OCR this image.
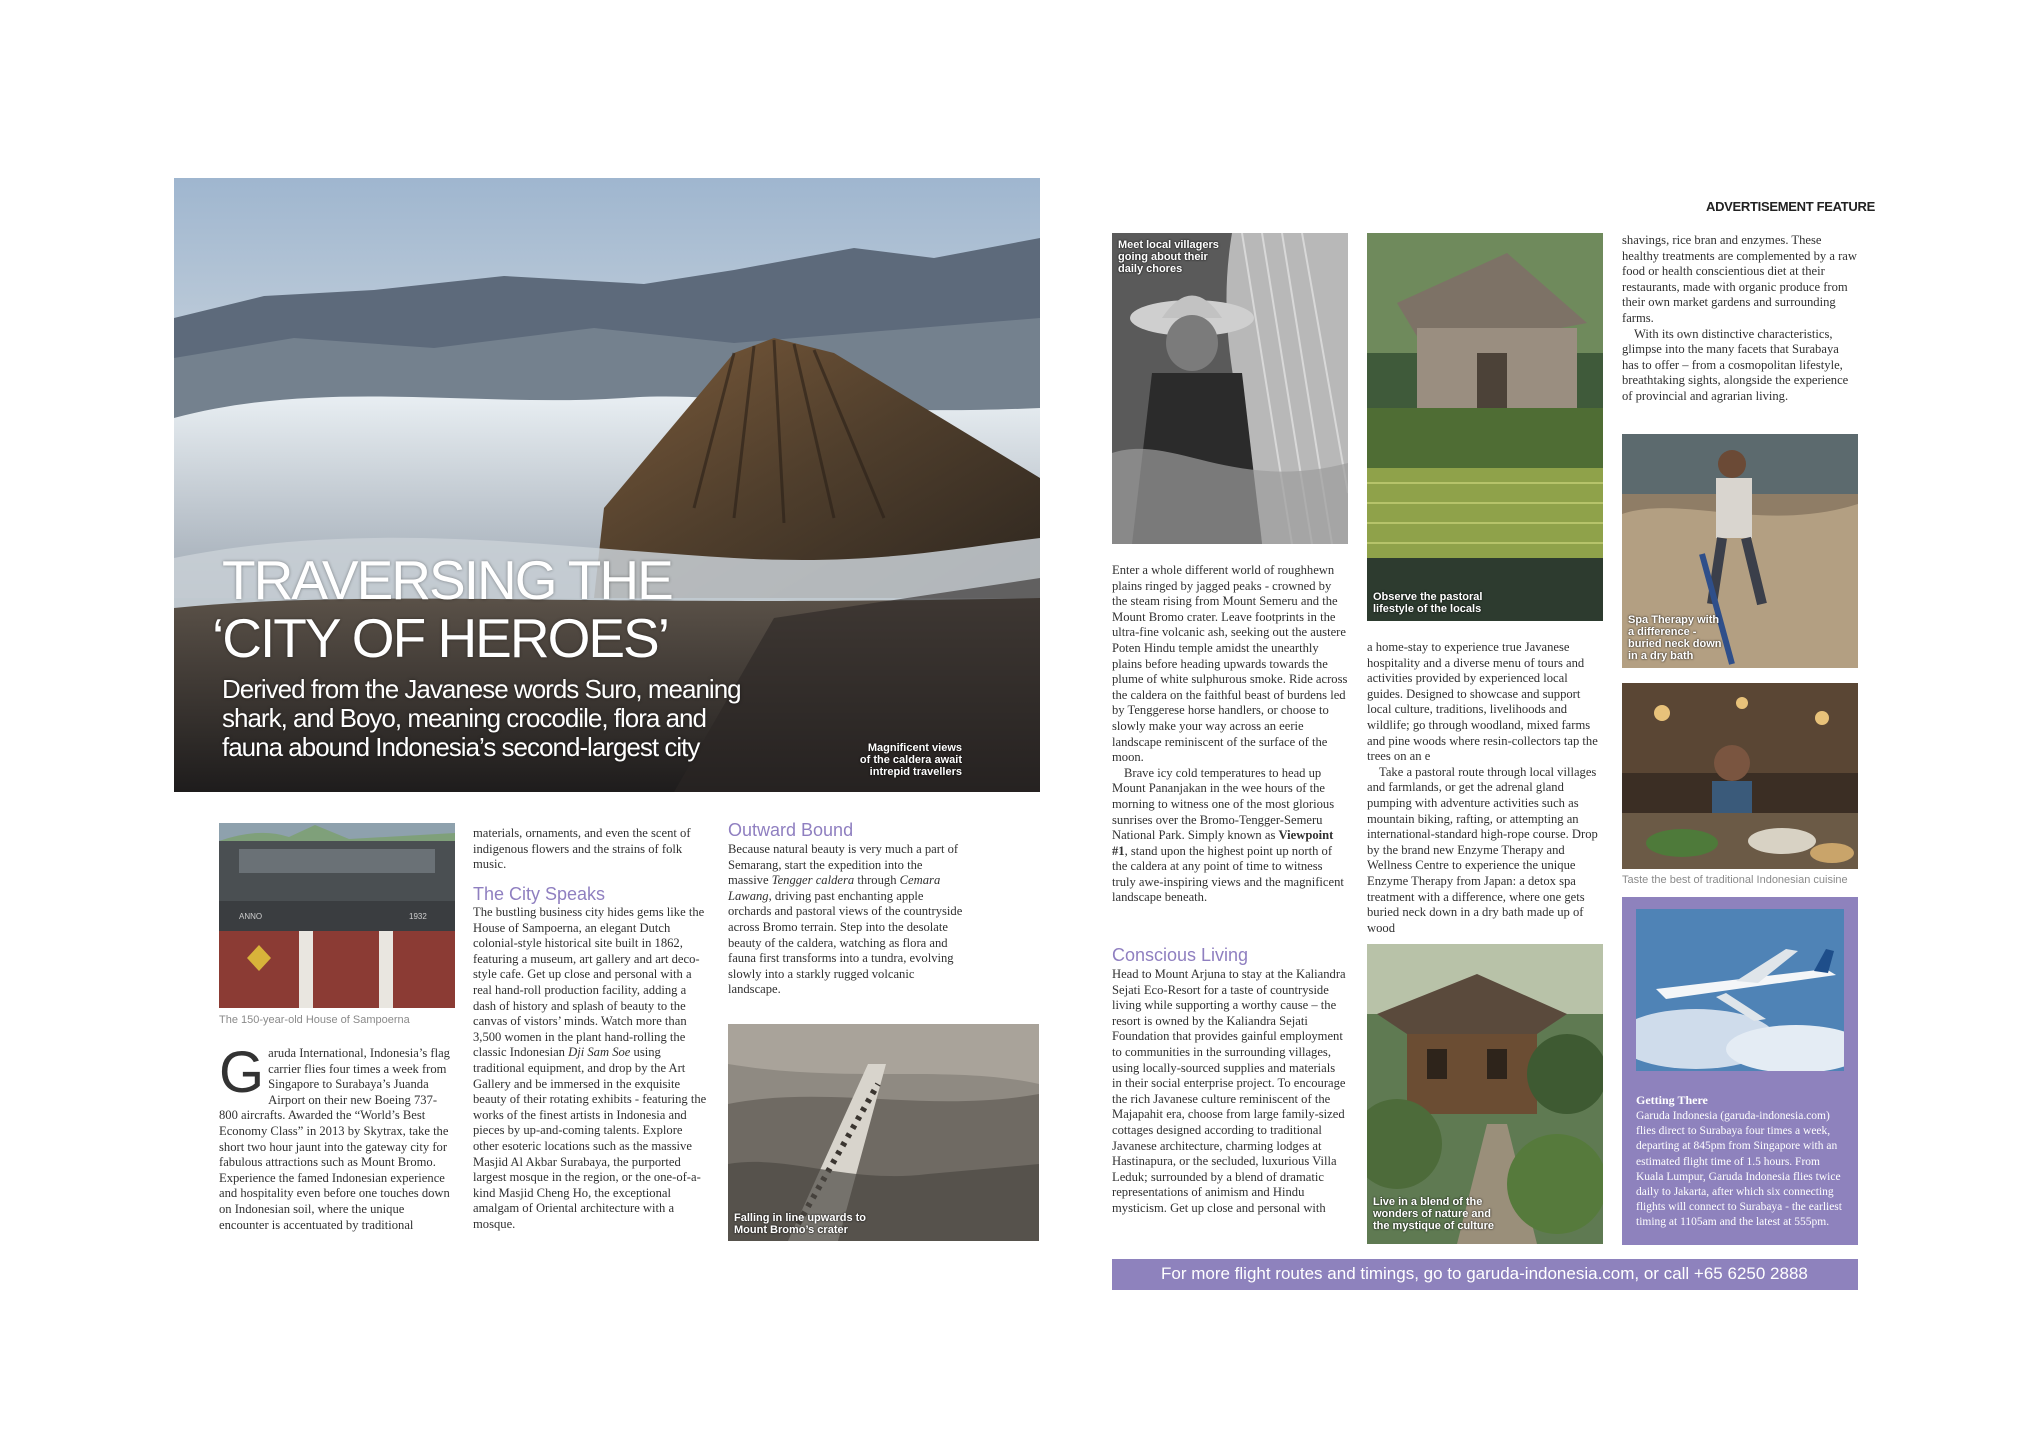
TRAVERSING THE
‘CITY OF HEROES’
Derived from the Javanese words Suro, meaning
shark, and Boyo, meaning crocodile, flora and
fauna abound Indonesia’s second-largest city	Magnificent views
of the caldera await
intrepid travellers
ANNO	1932
The 150-year-old House of Sampoerna
Garuda International, Indonesia’s flag carrier flies four times a week from Singapore to Surabaya’s Juanda Airport on their new Boeing 737-800 aircrafts. Awarded the “World’s Best Economy Class” in 2013 by Skytrax, take the short two hour jaunt into the gateway city for fabulous attractions such as Mount Bromo. Experience the famed Indonesian experience and hospitality even before one touches down on Indonesian soil, where the unique encounter is accentuated by traditional
materials, ornaments, and even the scent of indigenous flowers and the strains of folk music.
The City Speaks
The bustling business city hides gems like the House of Sampoerna, an elegant Dutch colonial-style historical site built in 1862, featuring a museum, art gallery and art deco-style cafe. Get up close and personal with a real hand-roll production facility, adding a dash of history and splash of beauty to the canvas of vistors’ minds. Watch more than 3,500 women in the plant hand-rolling the classic Indonesian Dji Sam Soe using traditional equipment, and drop by the Art Gallery and be immersed in the exquisite beauty of their rotating exhibits - featuring the works of the finest artists in Indonesia and pieces by up-and-coming talents. Explore other esoteric locations such as the massive Masjid Al Akbar Surabaya, the purported largest mosque in the region, or the one-of-a-kind Masjid Cheng Ho, the exceptional amalgam of Oriental architecture with a mosque.
Outward Bound
Because natural beauty is very much a part of Semarang, start the expedition into the massive Tengger caldera through Cemara Lawang, driving past enchanting apple orchards and pastoral views of the countryside across Bromo terrain. Step into the desolate beauty of the caldera, watching as flora and fauna first transforms into a tundra, evolving slowly into a starkly rugged volcanic landscape.
Falling in line upwards to
Mount Bromo’s crater
ADVERTISEMENT FEATURE
Meet local villagers
going about their
daily chores
Observe the pastoral
lifestyle of the locals

Enter a whole different world of roughhewn plains ringed by jagged peaks - crowned by the steam rising from Mount Semeru and the Mount Bromo crater. Leave footprints in the ultra-fine volcanic ash, seeking out the austere Poten Hindu temple amidst the unearthly plains before heading upwards towards the plume of white sulphurous smoke. Ride across the caldera on the faithful beast of burdens led by Tenggerese horse handlers, or choose to slowly make your way across an eerie landscape reminiscent of the surface of the moon.

Brave icy cold temperatures to head up Mount Pananjakan in the wee hours of the morning to witness one of the most glorious sunrises over the Bromo-Tengger-Semeru National Park. Simply known as Viewpoint #1, stand upon the highest point up north of the caldera at any point of time to witness truly awe-inspiring views and the magnificent landscape beneath.

Conscious Living
Head to Mount Arjuna to stay at the Kaliandra Sejati Eco-Resort for a taste of countryside living while supporting a worthy cause – the resort is owned by the Kaliandra Sejati Foundation that provides gainful employment to communities in the surrounding villages, using locally-sourced supplies and materials in their social enterprise project. To encourage the rich Javanese culture reminiscent of the Majapahit era, choose from large family-sized cottages designed according to traditional Javanese architecture, charming lodges at Hastinapura, or the secluded, luxurious Villa Leduk; surrounded by a blend of dramatic representations of animism and Hindu mysticism. Get up close and personal with

a home-stay to experience true Javanese hospitality and a diverse menu of tours and activities provided by experienced local guides. Designed to showcase and support local culture, traditions, livelihoods and wildlife; go through woodland, mixed farms and pine woods where resin-collectors tap the trees on an e

Take a pastoral route through local villages and farmlands, or get the adrenal gland pumping with adventure activities such as mountain biking, rafting, or attempting an international-standard high-rope course. Drop by the brand new Enzyme Therapy and Wellness Centre to experience the unique Enzyme Therapy from Japan: a detox spa treatment with a difference, where one gets buried neck down in a dry bath made up of wood

Live in a blend of the
wonders of nature and
the mystique of culture

shavings, rice bran and enzymes. These healthy treatments are complemented by a raw food or health conscientious diet at their restaurants, made with organic produce from their own market gardens and surrounding farms.

With its own distinctive characteristics, glimpse into the many facets that Surabaya has to offer – from a cosmopolitan lifestyle, breathtaking sights, alongside the experience of provincial and agrarian living.

Spa Therapy with
a difference -
buried neck down
in a dry bath
Taste the best of traditional Indonesian cuisine
Getting There
Garuda Indonesia (garuda-indonesia.com) flies direct to Surabaya four times a week, departing at 845pm from Singapore with an estimated flight time of 1.5 hours. From Kuala Lumpur, Garuda Indonesia flies twice daily to Jakarta, after which six connecting flights will connect to Surabaya - the earliest timing at 1105am and the latest at 555pm.
For more flight routes and timings, go to garuda-indonesia.com, or call +65 6250 2888
